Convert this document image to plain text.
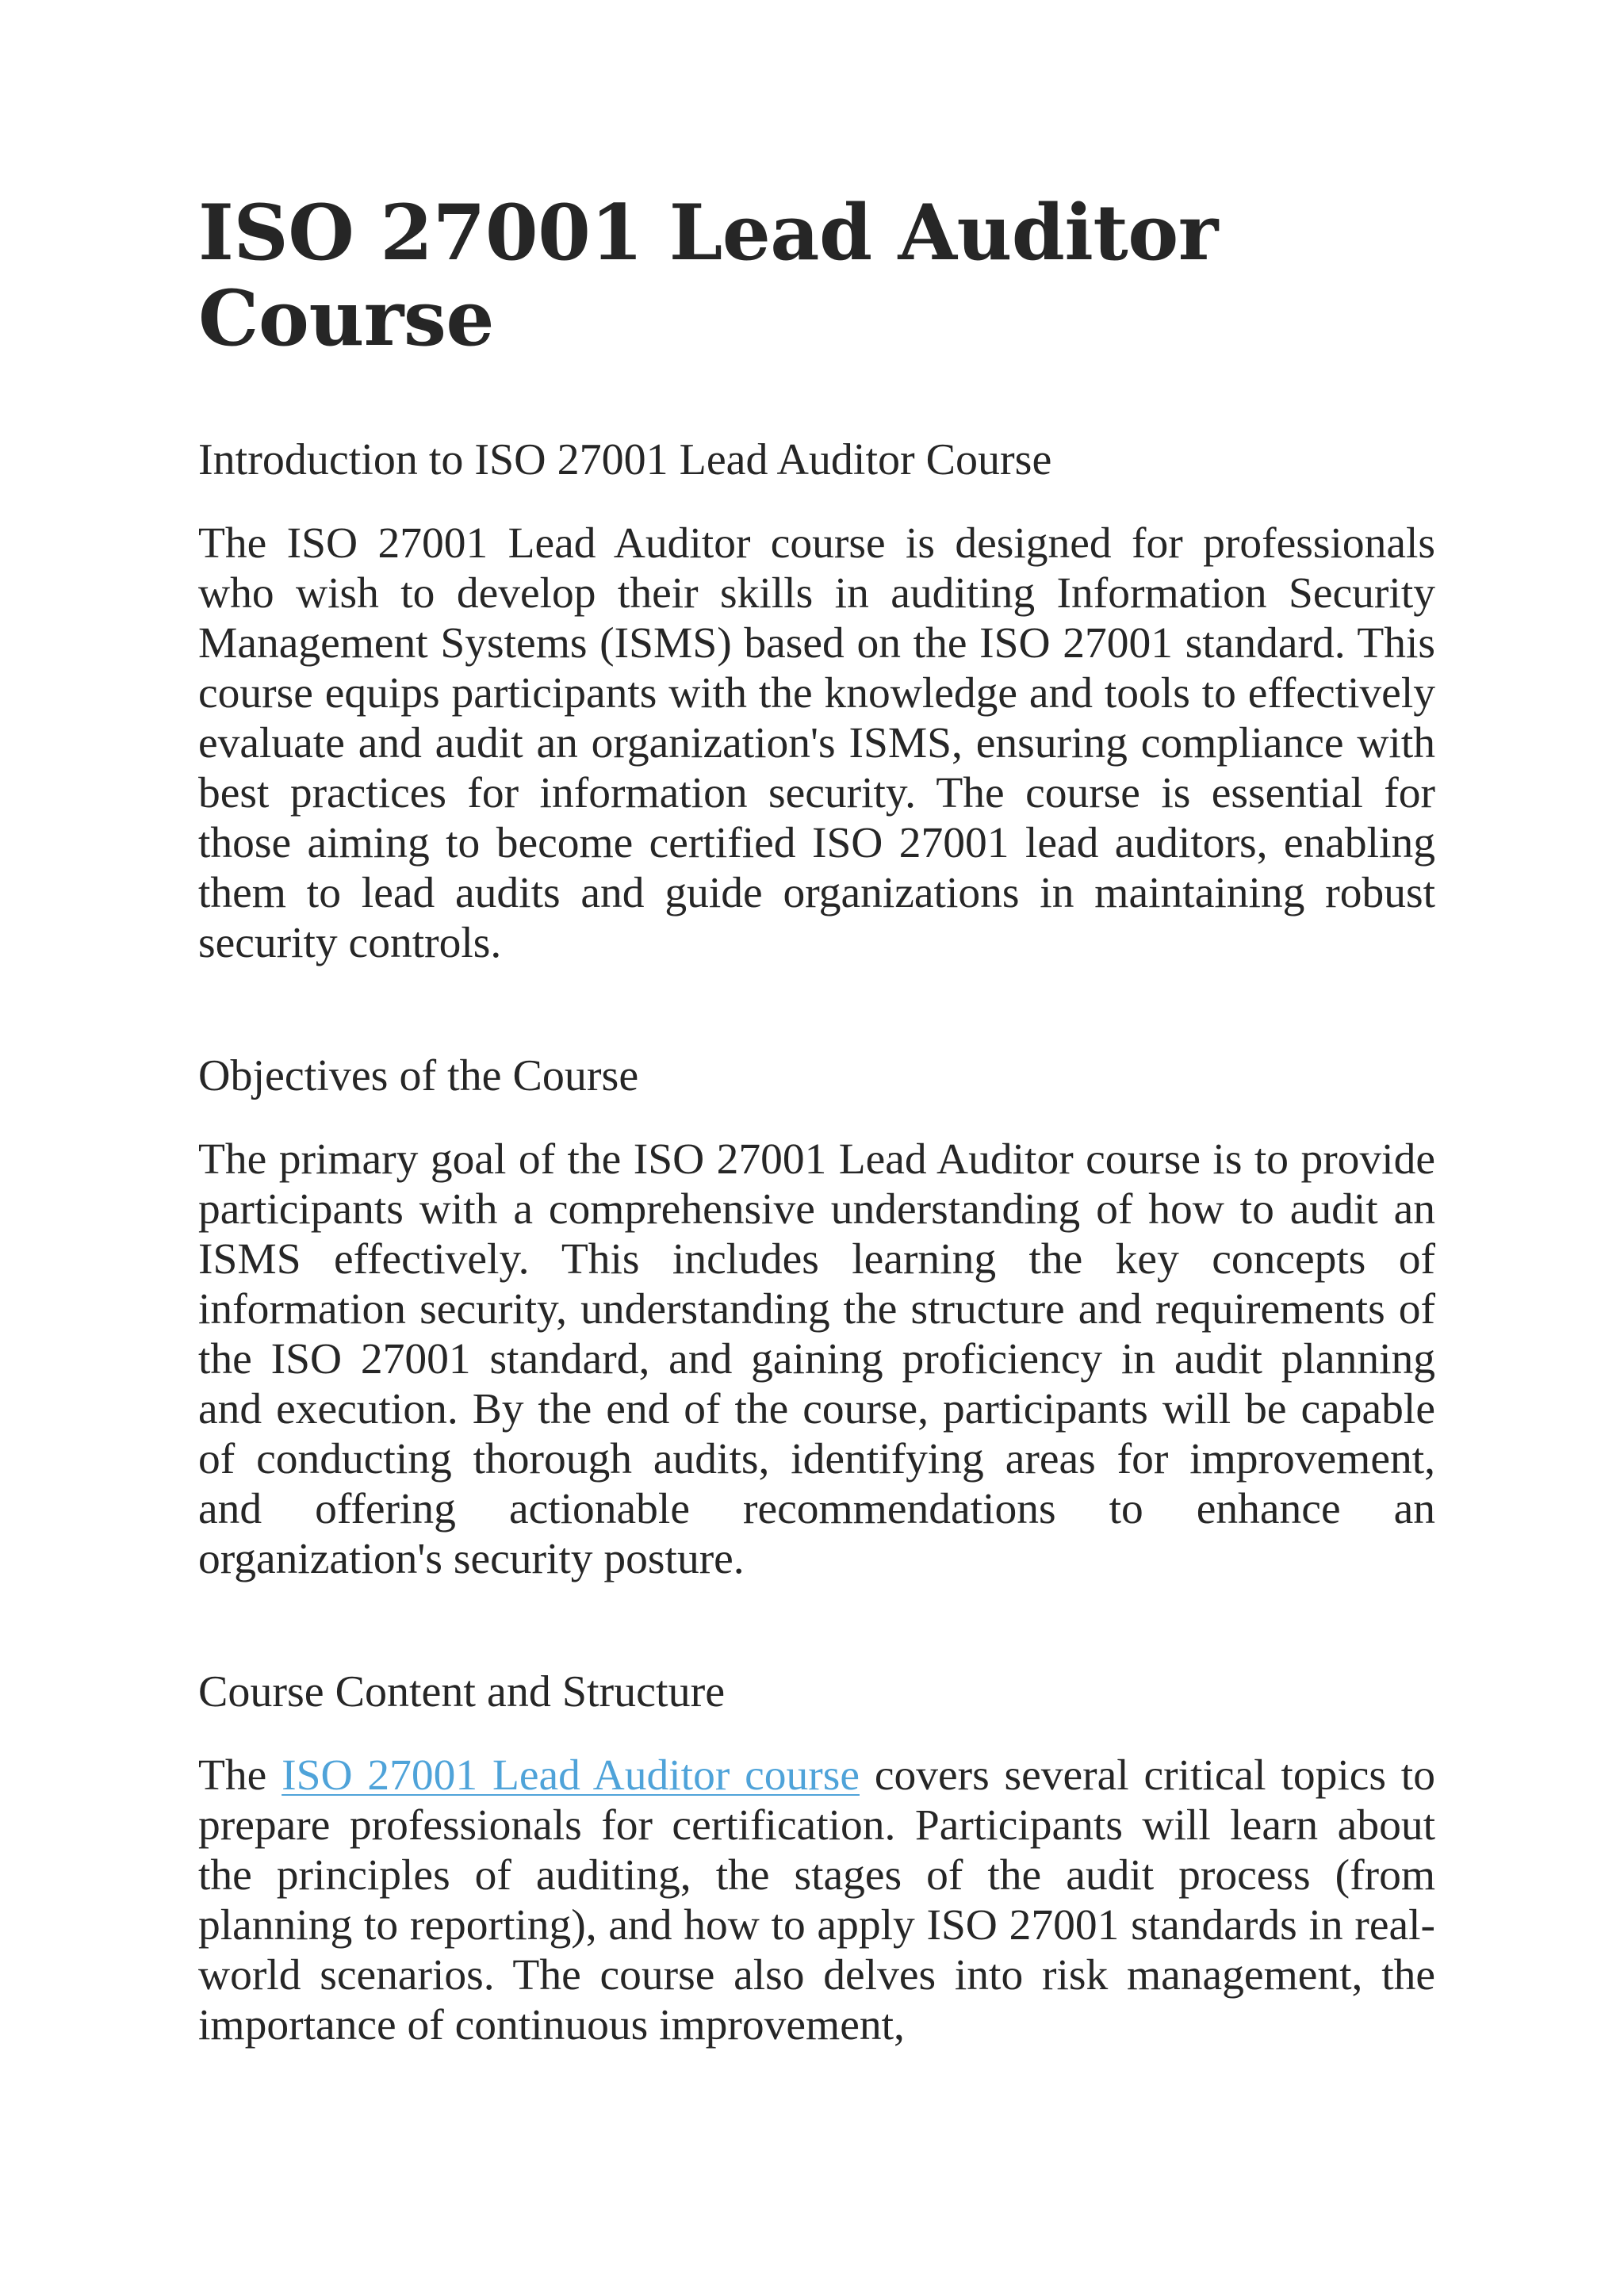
ISO 27001 Lead Auditor Course
Introduction to ISO 27001 Lead Auditor Course

The ISO 27001 Lead Auditor course is designed for professionals who wish to develop their skills in auditing Information Security Management Systems (ISMS) based on the ISO 27001 standard. This course equips participants with the knowledge and tools to effectively evaluate and audit an organization's ISMS, ensuring compliance with best practices for information security. The course is essential for those aiming to become certified ISO 27001 lead auditors, enabling them to lead audits and guide organizations in maintaining robust security controls.

Objectives of the Course

The primary goal of the ISO 27001 Lead Auditor course is to provide participants with a comprehensive understanding of how to audit an ISMS effectively. This includes learning the key concepts of information security, understanding the structure and requirements of the ISO 27001 standard, and gaining proficiency in audit planning and execution. By the end of the course, participants will be capable of conducting thorough audits, identifying areas for improvement, and offering actionable recommendations to enhance an organization's security posture.

Course Content and Structure

The ISO 27001 Lead Auditor course covers several critical topics to prepare professionals for certification. Participants will learn about the principles of auditing, the stages of the audit process (from planning to reporting), and how to apply ISO 27001 standards in real-world scenarios. The course also delves into risk management, the importance of continuous improvement,
